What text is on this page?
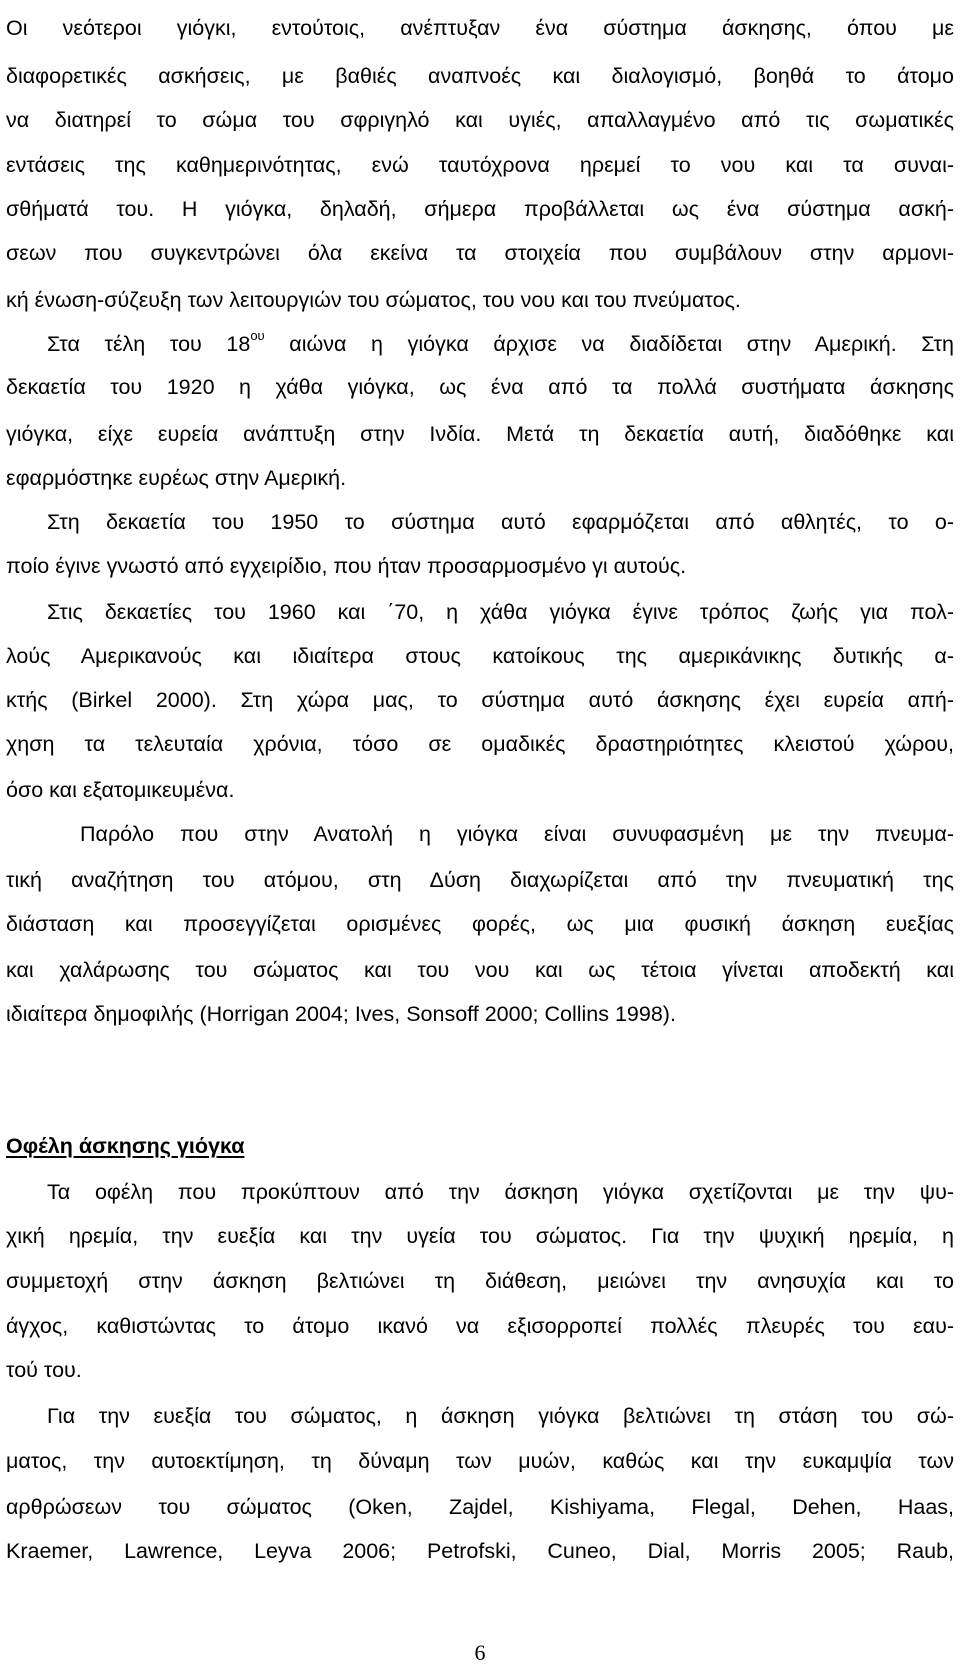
Οι νεότεροι γιόγκι, εντούτοις, ανέπτυξαν ένα σύστημα άσκησης, όπου με
διαφορετικές ασκήσεις, με βαθιές αναπνοές και διαλογισμό, βοηθά το άτομο
να διατηρεί το σώμα του σφριγηλό και υγιές, απαλλαγμένο από τις σωματικές
εντάσεις της καθημερινότητας, ενώ ταυτόχρονα ηρεμεί το νου και τα συναι-
σθήματά του. Η γιόγκα, δηλαδή, σήμερα προβάλλεται ως ένα σύστημα ασκή-
σεων που συγκεντρώνει όλα εκείνα τα στοιχεία που συμβάλουν στην αρμονι-
κή ένωση-σύζευξη των λειτουργιών του σώματος, του νου και του πνεύματος.
Στα τέλη του $18^{o\upsilon}$ αιώνα η γιόγκα άρχισε να διαδίδεται στην Αμερική. Στη
δεκαετία του 1920 η χάθα γιόγκα, ως ένα από τα πολλά συστήματα άσκησης
γιόγκα, είχε ευρεία ανάπτυξη στην Ινδία. Μετά τη δεκαετία αυτή, διαδόθηκε και
εφαρμόστηκε ευρέως στην Αμερική.
Στη δεκαετία του 1950 το σύστημα αυτό εφαρμόζεται από αθλητές, το ο-
ποίο έγινε γνωστό από εγχειρίδιο, που ήταν προσαρμοσμένο γι αυτούς.
Στις δεκαετίες του 1960 και ΄70, η χάθα γιόγκα έγινε τρόπος ζωής για πολ-
λούς Αμερικανούς και ιδιαίτερα στους κατοίκους της αμερικάνικης δυτικής α-
κτής (Birkel 2000). Στη χώρα μας, το σύστημα αυτό άσκησης έχει ευρεία απή-
χηση τα τελευταία χρόνια, τόσο σε ομαδικές δραστηριότητες κλειστού χώρου,
όσο και εξατομικευμένα.
Παρόλο που στην Ανατολή η γιόγκα είναι συνυφασμένη με την πνευμα-
τική αναζήτηση του ατόμου, στη Δύση διαχωρίζεται από την πνευματική της
διάσταση και προσεγγίζεται ορισμένες φορές, ως μια φυσική άσκηση ευεξίας
και χαλάρωσης του σώματος και του νου και ως τέτοια γίνεται αποδεκτή και
ιδιαίτερα δημοφιλής (Horrigan 2004; Ives, Sonsoff 2000; Collins 1998).
Οφέλη άσκησης γιόγκα
Τα οφέλη που προκύπτουν από την άσκηση γιόγκα σχετίζονται με την ψυ-
χική ηρεμία, την ευεξία και την υγεία του σώματος. Για την ψυχική ηρεμία, η
συμμετοχή στην άσκηση βελτιώνει τη διάθεση, μειώνει την ανησυχία και το
άγχος, καθιστώντας το άτομο ικανό να εξισορροπεί πολλές πλευρές του εαυ-
τού του.
Για την ευεξία του σώματος, η άσκηση γιόγκα βελτιώνει τη στάση του σώ-
ματος, την αυτοεκτίμηση, τη δύναμη των μυών, καθώς και την ευκαμψία των
αρθρώσεων του σώματος (Oken, Zajdel, Kishiyama, Flegal, Dehen, Haas,
Kraemer, Lawrence, Leyva 2006; Petrofski, Cuneo, Dial, Morris 2005; Raub,
6
